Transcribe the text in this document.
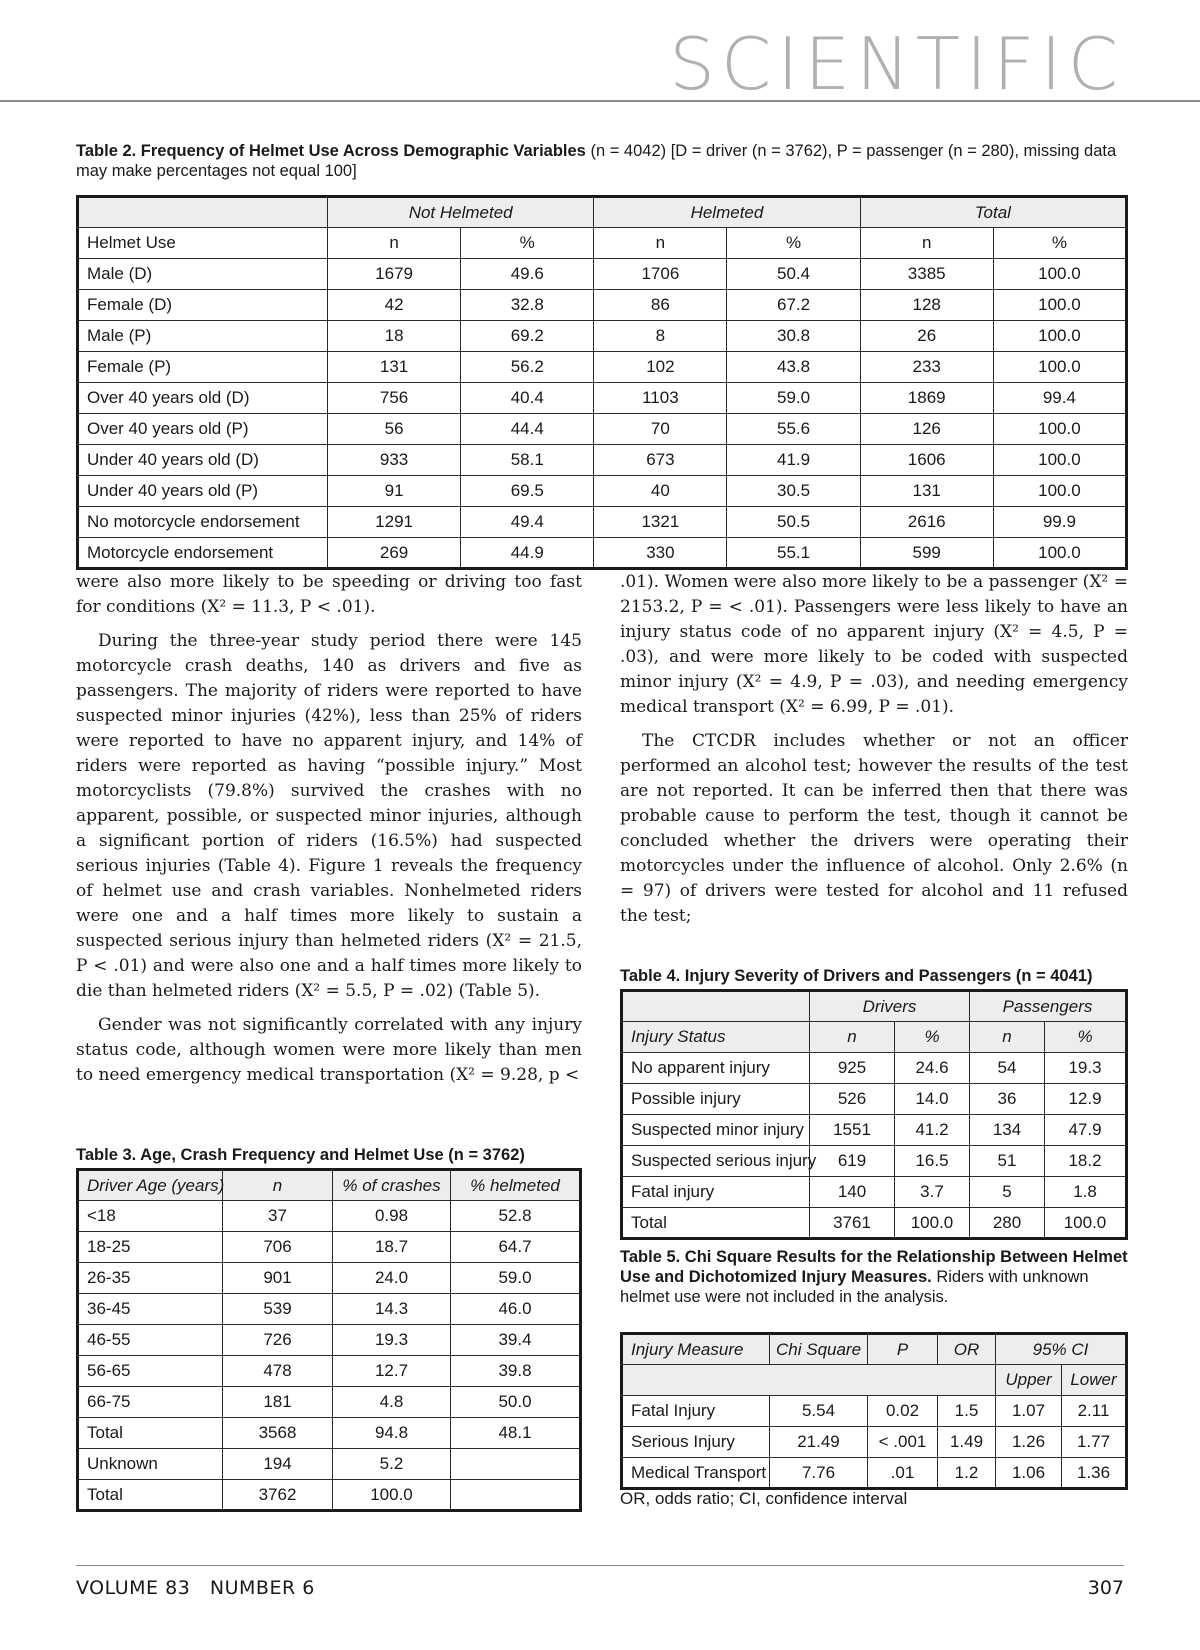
SCIENTIFIC
Table 2. Frequency of Helmet Use Across Demographic Variables (n = 4042) [D = driver (n = 3762), P = passenger (n = 280), missing data may make percentages not equal 100]
	Not Helmeted		Helmeted		Total	
Helmet Use	n	%	n	%	n	%
Male (D)	1679	49.6	1706	50.4	3385	100.0
Female (D)	42	32.8	86	67.2	128	100.0
Male (P)	18	69.2	8	30.8	26	100.0
Female (P)	131	56.2	102	43.8	233	100.0
Over 40 years old (D)	756	40.4	1103	59.0	1869	99.4
Over 40 years old (P)	56	44.4	70	55.6	126	100.0
Under 40 years old (D)	933	58.1	673	41.9	1606	100.0
Under 40 years old (P)	91	69.5	40	30.5	131	100.0
No motorcycle endorsement	1291	49.4	1321	50.5	2616	99.9
Motorcycle endorsement	269	44.9	330	55.1	599	100.0

were also more likely to be speeding or driving too fast for conditions (X² = 11.3, P < .01).

During the three-year study period there were 145 motorcycle crash deaths, 140 as drivers and five as passengers. The majority of riders were reported to have suspected minor injuries (42%), less than 25% of riders were reported to have no apparent injury, and 14% of riders were reported as having “possible injury.” Most motorcyclists (79.8%) survived the crashes with no apparent, possible, or suspected minor injuries, although a significant portion of riders (16.5%) had suspected serious injuries (Table 4). Figure 1 reveals the frequency of helmet use and crash variables. Nonhelmeted riders were one and a half times more likely to sustain a suspected serious injury than helmeted riders (X² = 21.5, P < .01) and were also one and a half times more likely to die than helmeted riders (X² = 5.5, P = .02) (Table 5).

Gender was not significantly correlated with any injury status code, although women were more likely than men to need emergency medical transportation (X² = 9.28, p <

.01). Women were also more likely to be a passenger (X² = 2153.2, P = < .01). Passengers were less likely to have an injury status code of no apparent injury (X² = 4.5, P = .03), and were more likely to be coded with suspected minor injury (X² = 4.9, P = .03), and needing emergency medical transport (X² = 6.99, P = .01).

The CTCDR includes whether or not an officer performed an alcohol test; however the results of the test are not reported. It can be inferred then that there was probable cause to perform the test, though it cannot be concluded whether the drivers were operating their motorcycles under the influence of alcohol. Only 2.6% (n = 97) of drivers were tested for alcohol and 11 refused the test;

Table 3. Age, Crash Frequency and Helmet Use (n = 3762)
Driver Age (years)	n	% of crashes	% helmeted
<18	37	0.98	52.8
18-25	706	18.7	64.7
26-35	901	24.0	59.0
36-45	539	14.3	46.0
46-55	726	19.3	39.4
56-65	478	12.7	39.8
66-75	181	4.8	50.0
Total	3568	94.8	48.1
Unknown	194	5.2	
Total	3762	100.0	
Table 4. Injury Severity of Drivers and Passengers (n = 4041)
	Drivers		Passengers	
Injury Status	n	%	n	%
No apparent injury	925	24.6	54	19.3
Possible injury	526	14.0	36	12.9
Suspected minor injury	1551	41.2	134	47.9
Suspected serious injury	619	16.5	51	18.2
Fatal injury	140	3.7	5	1.8
Total	3761	100.0	280	100.0
Table 5. Chi Square Results for the Relationship Between Helmet Use and Dichotomized Injury Measures. Riders with unknown helmet use were not included in the analysis.
Injury Measure	Chi Square	P	OR	95% CI	
				Upper	Lower
Fatal Injury	5.54	0.02	1.5	1.07	2.11
Serious Injury	21.49	< .001	1.49	1.26	1.77
Medical Transport	7.76	.01	1.2	1.06	1.36
OR, odds ratio; CI, confidence interval
VOLUME 83   NUMBER 6	307
